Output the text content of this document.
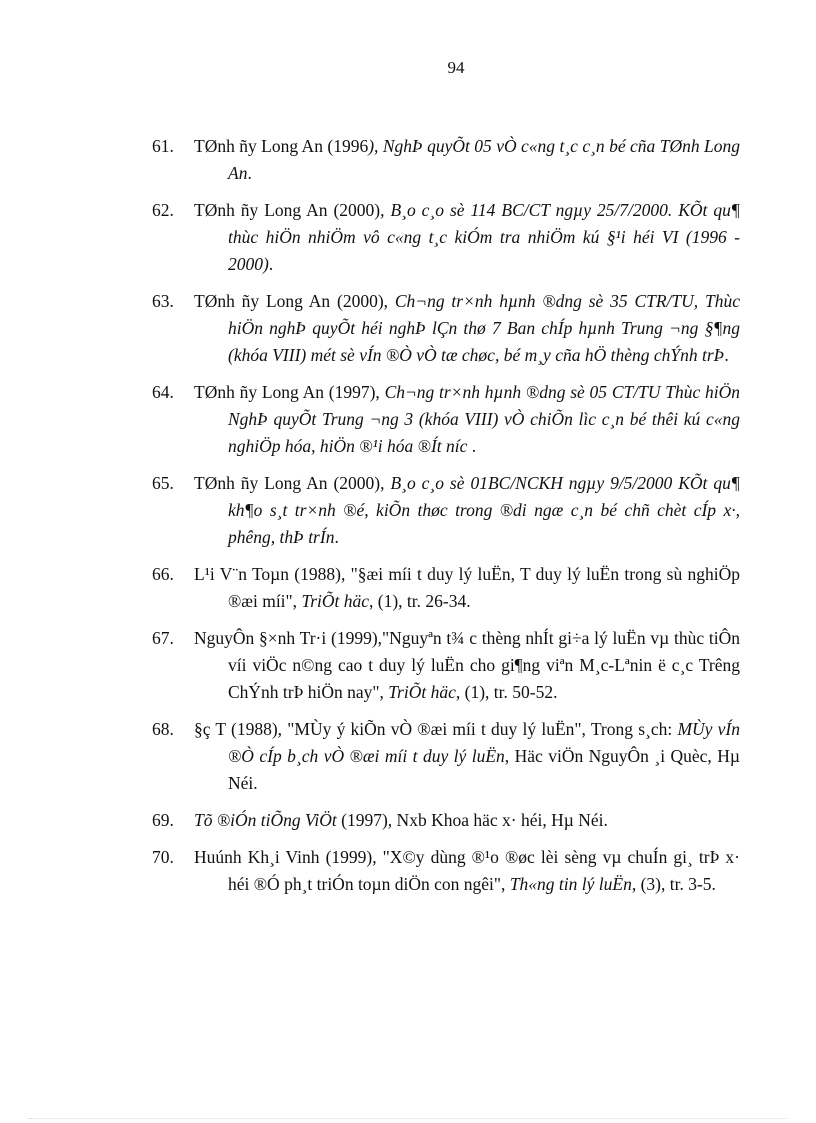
94
61.	TØnh ñy Long An (1996), NghÞ quyÕt 05 vÒ c«ng t¸c c¸n bé cña TØnh Long An.
62.	TØnh ñy Long An (2000), B¸o c¸o sè 114 BC/CT ngµy 25/7/2000. KÕt qu¶ thùc hiÖn nhiÖm vô c«ng t¸c kiÓm tra nhiÖm kú §¹i héi VI (1996 - 2000).
63.	TØnh ñy Long An (2000), Ch¬ng tr×nh hµnh ®dng sè 35 CTR/TU, Thùc hiÖn nghÞ quyÕt héi nghÞ lÇn thø 7 Ban chÍp hµnh Trung ¬ng §¶ng (khóa VIII) mét sè vÍn ®Ò vÒ tæ chøc, bé m¸y cña hÖ thèng chÝnh trÞ.
64.	TØnh ñy Long An (1997), Ch¬ng tr×nh hµnh ®dng sè 05 CT/TU Thùc hiÖn NghÞ quyÕt Trung ¬ng 3 (khóa VIII) vÒ chiÕn lìc c¸n bé thêi kú c«ng nghiÖp hóa, hiÖn ®¹i hóa ®Ít níc .
65.	TØnh ñy Long An (2000), B¸o c¸o sè 01BC/NCKH ngµy 9/5/2000 KÕt qu¶ kh¶o s¸t tr×nh ®é, kiÕn thøc trong ®di ngæ c¸n bé chñ chèt cÍp x·, phêng, thÞ trÍn.
66.	L¹i V¨n Toµn (1988), "§æi míi t duy lý luËn, T duy lý luËn trong sù nghiÖp ®æi míi", TriÕt häc, (1), tr. 26-34.
67.	NguyÔn §×nh Tr·i (1999),"Nguyªn t¾ c thèng nhÍt gi÷a lý luËn vµ thùc tiÔn víi viÖc n©ng cao t duy lý luËn cho gi¶ng viªn M¸c-Lªnin ë c¸c Trêng ChÝnh trÞ hiÖn nay", TriÕt häc, (1), tr. 50-52.
68.	§ç T (1988), "MÙy ý kiÕn vÒ ®æi míi t duy lý luËn", Trong s¸ch: MÙy vÍn ®Ò cÍp b¸ch vÒ ®æi míi t duy lý luËn, Häc viÖn NguyÔn ¸i Quèc, Hµ Néi.
69.	Tõ ®iÓn tiÕng ViÖt (1997), Nxb Khoa häc x· héi, Hµ Néi.
70.	Huúnh Kh¸i Vinh (1999), "X©y dùng ®¹o ®øc lèi sèng vµ chuÍn gi¸ trÞ x· héi ®Ó ph¸t triÓn toµn diÖn con ngêi", Th«ng tin lý luËn, (3), tr. 3-5.
